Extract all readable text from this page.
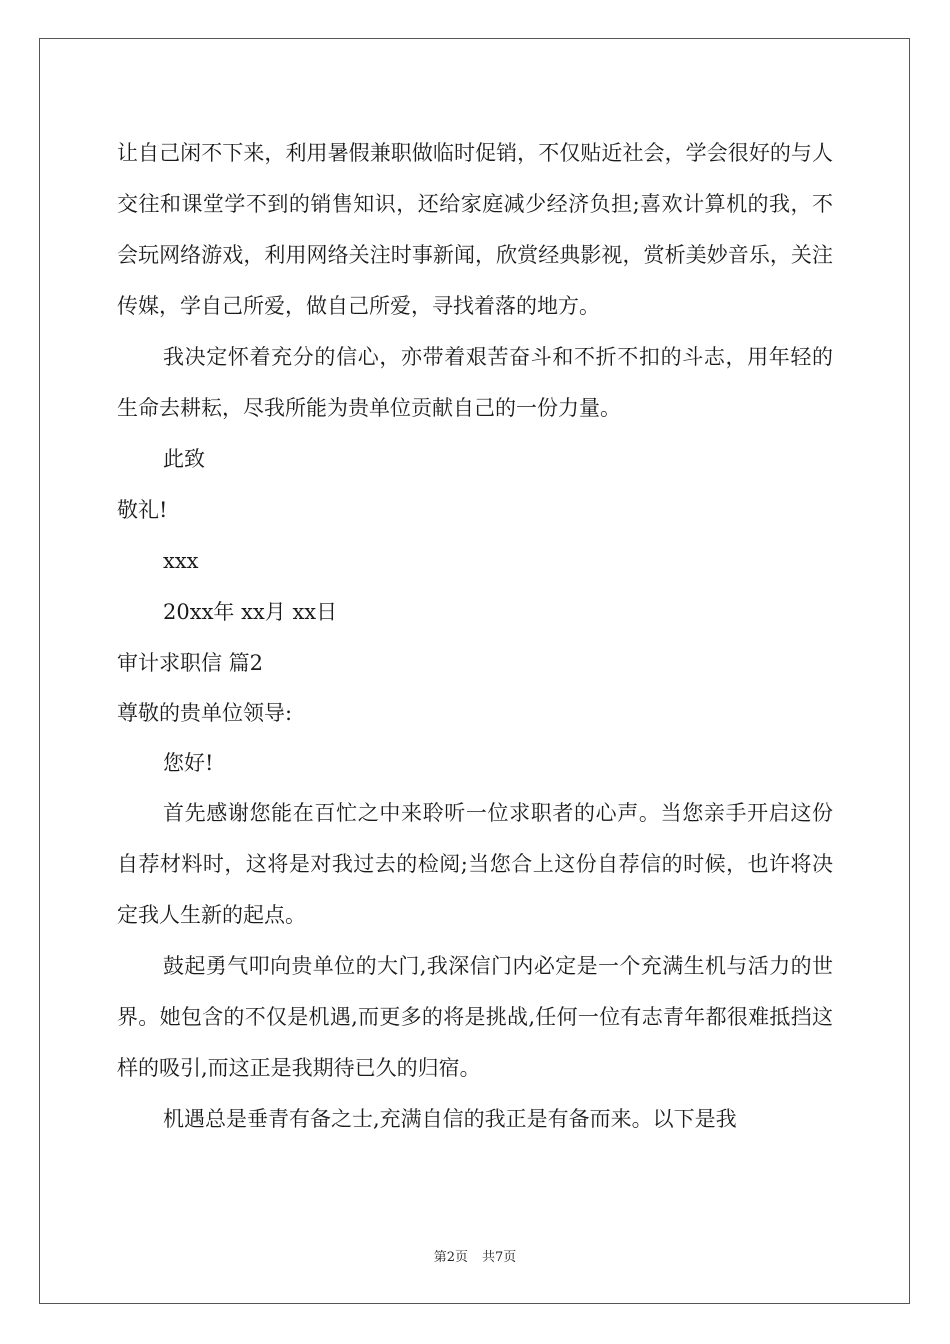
让自己闲不下来，利用暑假兼职做临时促销，不仅贴近社会，学会很好的与人交往和课堂学不到的销售知识，还给家庭减少经济负担;喜欢计算机的我，不会玩网络游戏，利用网络关注时事新闻，欣赏经典影视，赏析美妙音乐，关注传媒，学自己所爱，做自己所爱，寻找着落的地方。

我决定怀着充分的信心，亦带着艰苦奋斗和不折不扣的斗志，用年轻的生命去耕耘，尽我所能为贵单位贡献自己的一份力量。

此致

敬礼!

xxx

20xx年 xx月 xx日

审计求职信 篇2

尊敬的贵单位领导:

您好!

首先感谢您能在百忙之中来聆听一位求职者的心声。当您亲手开启这份自荐材料时，这将是对我过去的检阅;当您合上这份自荐信的时候，也许将决定我人生新的起点。

鼓起勇气叩向贵单位的大门,我深信门内必定是一个充满生机与活力的世界。她包含的不仅是机遇,而更多的将是挑战,任何一位有志青年都很难抵挡这样的吸引,而这正是我期待已久的归宿。

机遇总是垂青有备之士,充满自信的我正是有备而来。以下是我

第2页 共7页
